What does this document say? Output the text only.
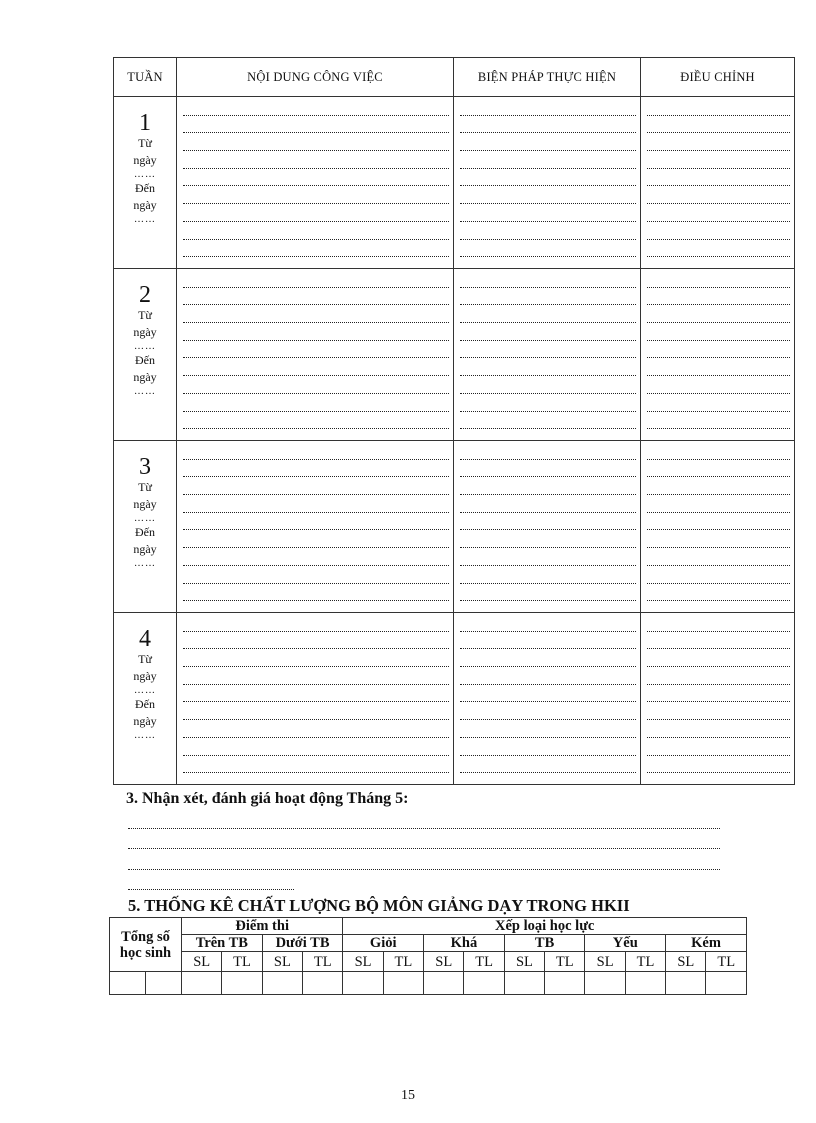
TUẦN	NỘI DUNG CÔNG VIỆC	BIỆN PHÁP THỰC HIỆN	ĐIỀU CHỈNH

1
Từ ngày
……
Đến ngày
……			

2
Từ ngày
……
Đến ngày
……			

3
Từ ngày
……
Đến ngày
……			

4
Từ ngày
……
Đến ngày
……			

3. Nhận xét, đánh giá hoạt động Tháng 5:
5. THỐNG KÊ CHẤT LƯỢNG BỘ MÔN GIẢNG DẠY TRONG HKII
Tổng số học sinh		Điểm thi				Xếp loại học lực									
		Trên TB		Dưới TB		Giỏi		Khá		TB		Yếu		Kém	
		SL	TL	SL	TL	SL	TL	SL	TL	SL	TL	SL	TL	SL	TL

15
